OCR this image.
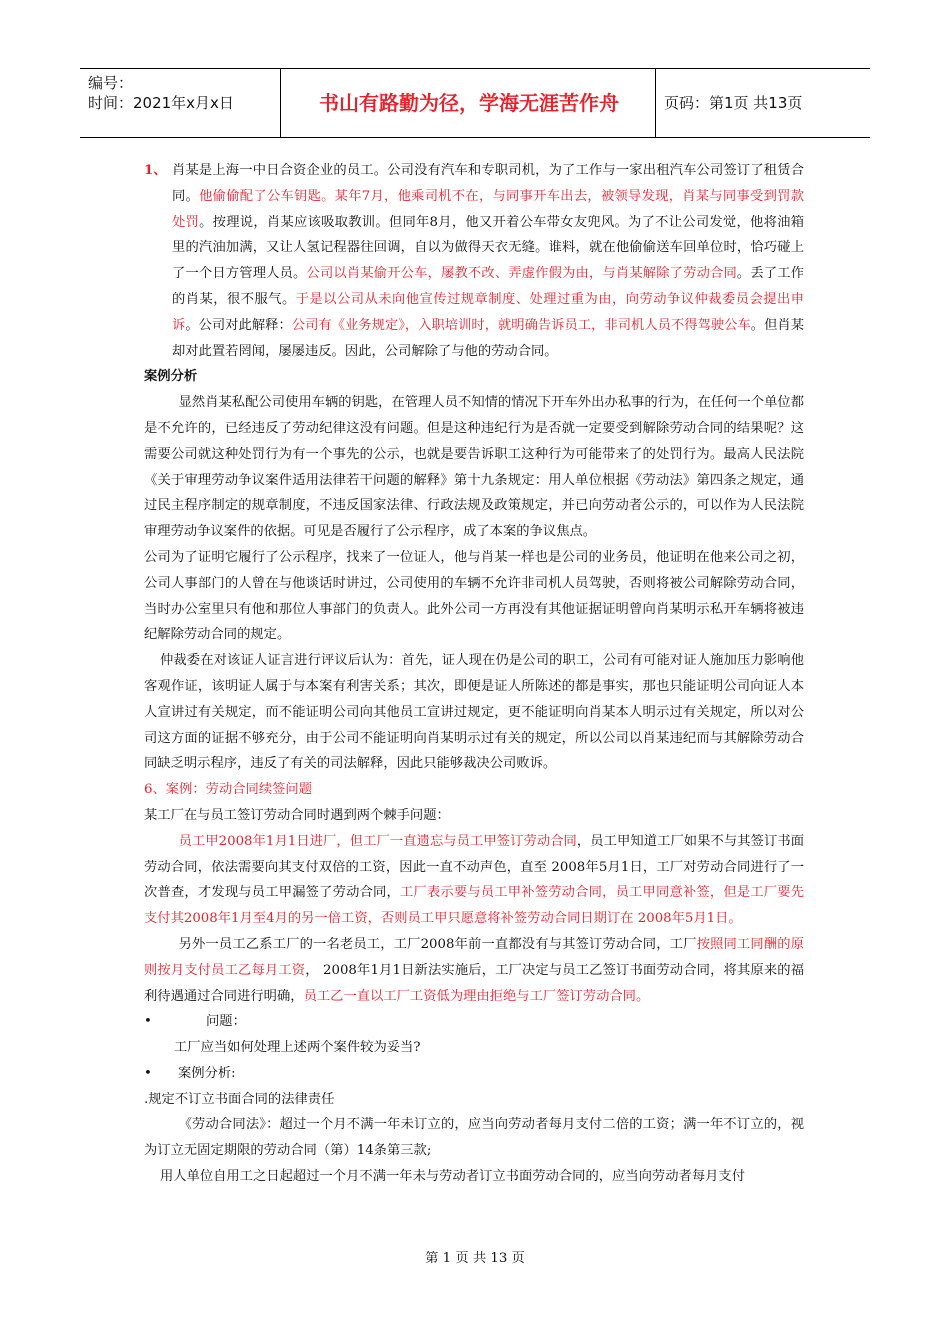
编号：
时间：2021年x月x日	书山有路勤为径，学海无涯苦作舟	页码：第1页 共13页
1、 肖某是上海一中日合资企业的员工。公司没有汽车和专职司机，为了工作与一家出租汽车公司签订了租赁合同。他偷偷配了公车钥匙。某年7月，他乘司机不在，与同事开车出去，被领导发现，肖某与同事受到罚款处罚。按理说，肖某应该吸取教训。但同年8月，他又开着公车带女友兜风。为了不让公司发觉，他将油箱里的汽油加满，又让人氢记程器往回调，自以为做得天衣无缝。谁料，就在他偷偷送车回单位时，恰巧碰上了一个日方管理人员。公司以肖某偷开公车，屡教不改、弄虚作假为由，与肖某解除了劳动合同。丢了工作的肖某，很不服气。于是以公司从未向他宣传过规章制度、处理过重为由，向劳动争议仲裁委员会提出申诉。公司对此解释：公司有《业务规定》，入职培训时，就明确告诉员工，非司机人员不得驾驶公车。但肖某却对此置若罔闻，屡屡违反。因此，公司解除了与他的劳动合同。

案例分析

显然肖某私配公司使用车辆的钥匙，在管理人员不知情的情况下开车外出办私事的行为，在任何一个单位都是不允许的，已经违反了劳动纪律这没有问题。但是这种违纪行为是否就一定要受到解除劳动合同的结果呢？这需要公司就这种处罚行为有一个事先的公示，也就是要告诉职工这种行为可能带来了的处罚行为。最高人民法院《关于审理劳动争议案件适用法律若干问题的解释》第十九条规定：用人单位根据《劳动法》第四条之规定，通过民主程序制定的规章制度，不违反国家法律、行政法规及政策规定，并已向劳动者公示的，可以作为人民法院审理劳动争议案件的依据。可见是否履行了公示程序，成了本案的争议焦点。

公司为了证明它履行了公示程序，找来了一位证人，他与肖某一样也是公司的业务员，他证明在他来公司之初，公司人事部门的人曾在与他谈话时讲过，公司使用的车辆不允许非司机人员驾驶，否则将被公司解除劳动合同，当时办公室里只有他和那位人事部门的负责人。此外公司一方再没有其他证据证明曾向肖某明示私开车辆将被违纪解除劳动合同的规定。

仲裁委在对该证人证言进行评议后认为：首先，证人现在仍是公司的职工，公司有可能对证人施加压力影响他客观作证，该明证人属于与本案有利害关系；其次，即便是证人所陈述的都是事实，那也只能证明公司向证人本人宣讲过有关规定，而不能证明公司向其他员工宣讲过规定，更不能证明向肖某本人明示过有关规定，所以对公司这方面的证据不够充分，由于公司不能证明向肖某明示过有关的规定，所以公司以肖某违纪而与其解除劳动合同缺乏明示程序，违反了有关的司法解释，因此只能够裁决公司败诉。

6、案例：劳动合同续签问题

某工厂在与员工签订劳动合同时遇到两个棘手问题：

员工甲2008年1月1日进厂，但工厂一直遗忘与员工甲签订劳动合同，员工甲知道工厂如果不与其签订书面劳动合同，依法需要向其支付双倍的工资，因此一直不动声色，直至 2008年5月1日，工厂对劳动合同进行了一次普查，才发现与员工甲漏签了劳动合同，工厂表示要与员工甲补签劳动合同，员工甲同意补签，但是工厂要先支付其2008年1月至4月的另一倍工资，否则员工甲只愿意将补签劳动合同日期订在 2008年5月1日。

另外一员工乙系工厂的一名老员工，工厂2008年前一直都没有与其签订劳动合同，工厂按照同工同酬的原则按月支付员工乙每月工资， 2008年1月1日新法实施后，工厂决定与员工乙签订书面劳动合同，将其原来的福利待遇通过合同进行明确，员工乙一直以工厂工资低为理由拒绝与工厂签订劳动合同。

•	问题：

工厂应当如何处理上述两个案件较为妥当?

• 案例分析:

.规定不订立书面合同的法律责任

《劳动合同法》：超过一个月不满一年未订立的，应当向劳动者每月支付二倍的工资；满一年不订立的，视为订立无固定期限的劳动合同（第）14条第三款;

用人单位自用工之日起超过一个月不满一年未与劳动者订立书面劳动合同的，应当向劳动者每月支付

第 1 页 共 13 页
